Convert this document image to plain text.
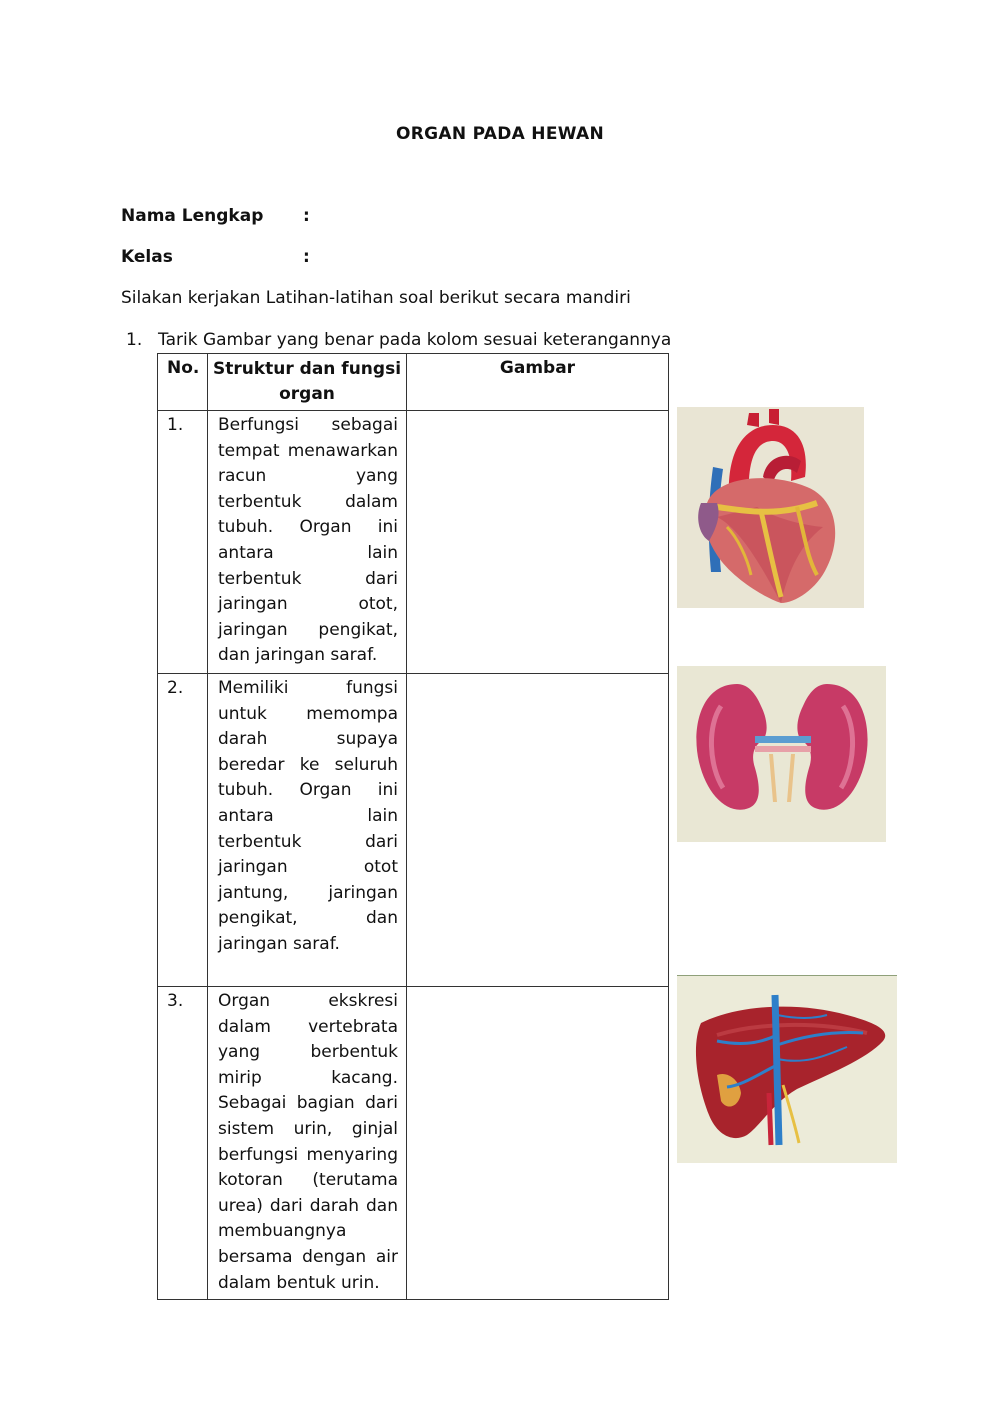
ORGAN PADA HEWAN
Nama Lengkap :
Kelas	:
Silakan kerjakan Latihan-latihan soal berikut secara mandiri
1. Tarik Gambar yang benar pada kolom sesuai keterangannya
No.	Struktur dan fungsi organ	Gambar
1.	Berfungsi sebagai tempat menawarkan racun yang terbentuk dalam tubuh. Organ ini antara lain terbentuk dari jaringan otot, jaringan pengikat, dan jaringan saraf.	
2.	Memiliki fungsi untuk memompa darah supaya beredar ke seluruh tubuh. Organ ini antara lain terbentuk dari jaringan otot jantung, jaringan pengikat, dan jaringan saraf.	
3.	Organ ekskresi dalam vertebrata yang berbentuk mirip kacang. Sebagai bagian dari sistem urin, ginjal berfungsi menyaring kotoran (terutama urea) dari darah dan membuangnya bersama dengan air dalam bentuk urin.	
